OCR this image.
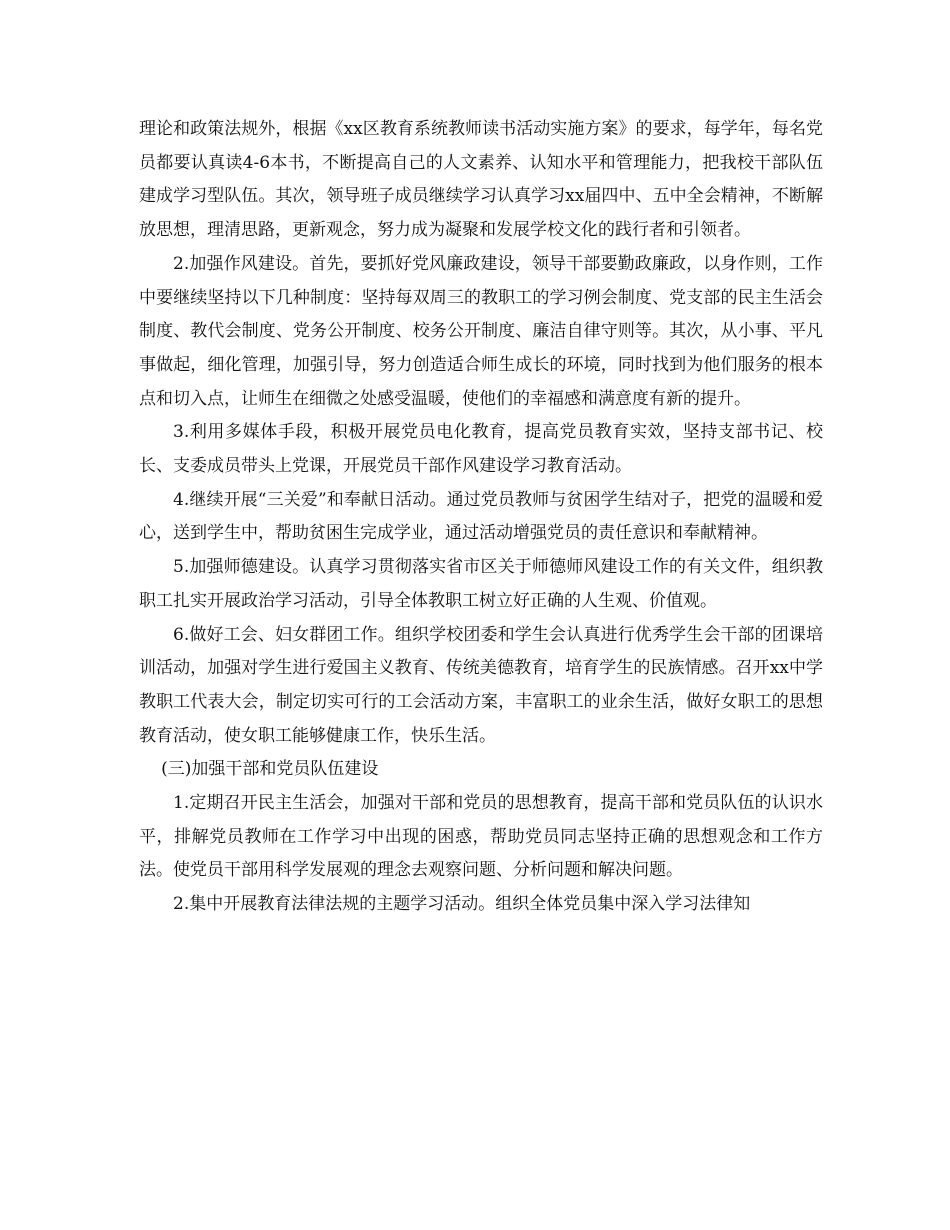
理论和政策法规外，根据《xx区教育系统教师读书活动实施方案》的要求，每学年，每名党员都要认真读4-6本书，不断提高自己的人文素养、认知水平和管理能力，把我校干部队伍建成学习型队伍。其次，领导班子成员继续学习认真学习xx届四中、五中全会精神，不断解放思想，理清思路，更新观念，努力成为凝聚和发展学校文化的践行者和引领者。

2.加强作风建设。首先，要抓好党风廉政建设，领导干部要勤政廉政，以身作则，工作中要继续坚持以下几种制度：坚持每双周三的教职工的学习例会制度、党支部的民主生活会制度、教代会制度、党务公开制度、校务公开制度、廉洁自律守则等。其次，从小事、平凡事做起，细化管理，加强引导，努力创造适合师生成长的环境，同时找到为他们服务的根本点和切入点，让师生在细微之处感受温暖，使他们的幸福感和满意度有新的提升。

3.利用多媒体手段，积极开展党员电化教育，提高党员教育实效，坚持支部书记、校长、支委成员带头上党课，开展党员干部作风建设学习教育活动。

4.继续开展“三关爱”和奉献日活动。通过党员教师与贫困学生结对子，把党的温暖和爱心，送到学生中，帮助贫困生完成学业，通过活动增强党员的责任意识和奉献精神。

5.加强师德建设。认真学习贯彻落实省市区关于师德师风建设工作的有关文件，组织教职工扎实开展政治学习活动，引导全体教职工树立好正确的人生观、价值观。

6.做好工会、妇女群团工作。组织学校团委和学生会认真进行优秀学生会干部的团课培训活动，加强对学生进行爱国主义教育、传统美德教育，培育学生的民族情感。召开xx中学教职工代表大会，制定切实可行的工会活动方案，丰富职工的业余生活，做好女职工的思想教育活动，使女职工能够健康工作，快乐生活。

(三)加强干部和党员队伍建设

1.定期召开民主生活会，加强对干部和党员的思想教育，提高干部和党员队伍的认识水平，排解党员教师在工作学习中出现的困惑，帮助党员同志坚持正确的思想观念和工作方法。使党员干部用科学发展观的理念去观察问题、分析问题和解决问题。

2.集中开展教育法律法规的主题学习活动。组织全体党员集中深入学习法律知
